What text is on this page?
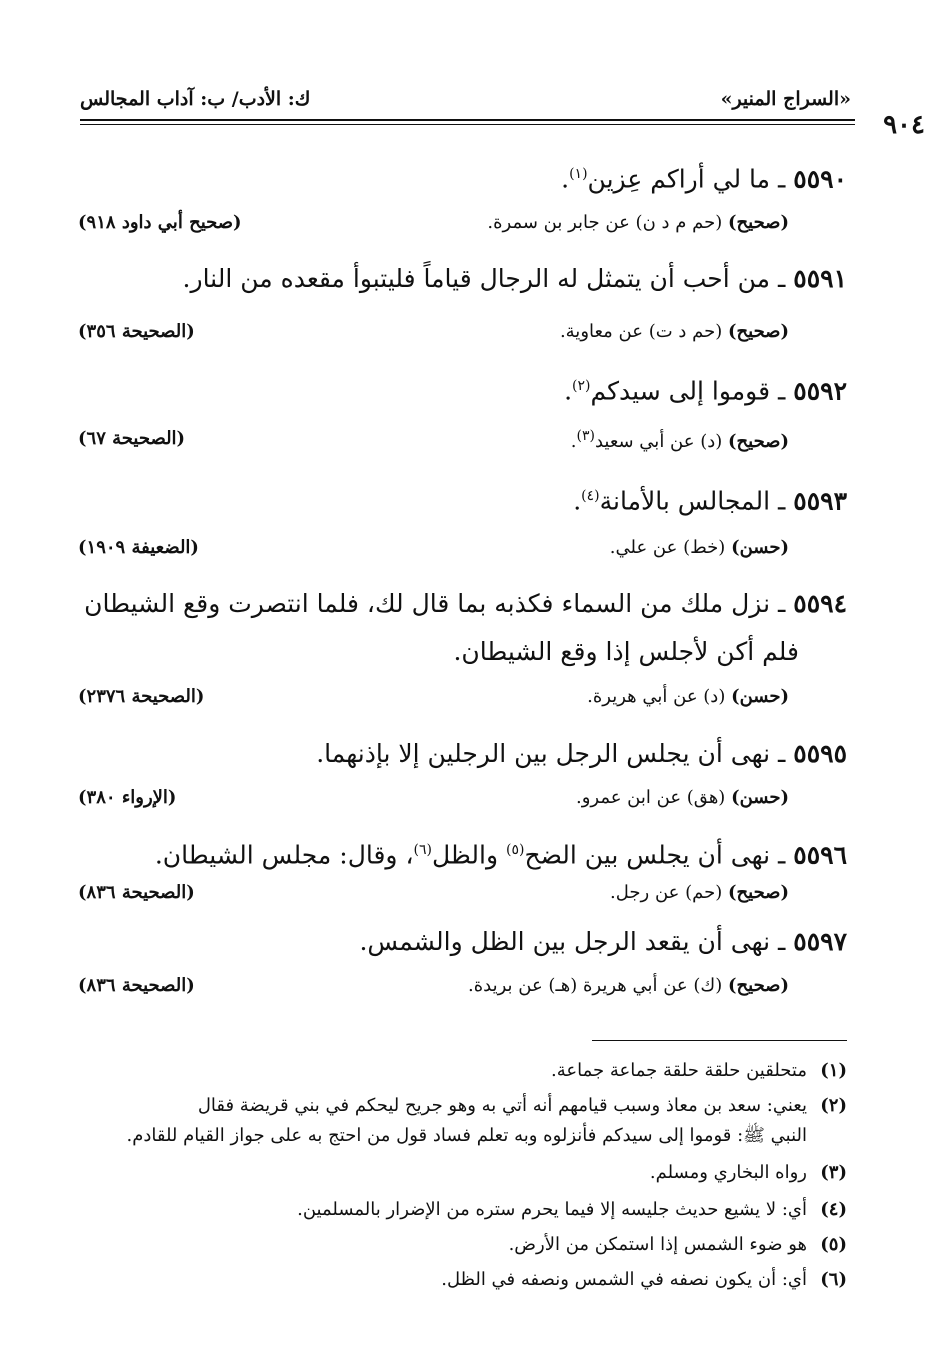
٩٠٤
«السراج المنير»
ك: الأدب/ ب: آداب المجالس
٥٥٩٠ ـ ما لي أراكم عِزين$^{(١)}$.
(صحيح) (حم م د ن) عن جابر بن سمرة.
(صحيح أبي داود ٩١٨)
٥٥٩١ ـ من أحب أن يتمثل له الرجال قياماً فليتبوأ مقعده من النار.
(صحيح) (حم د ت) عن معاوية.
(الصحيحة ٣٥٦)
٥٥٩٢ ـ قوموا إلى سيدكم$^{(٢)}$.
(صحيح) (د) عن أبي سعيد$^{(٣)}$.
(الصحيحة ٦٧)
٥٥٩٣ ـ المجالس بالأمانة$^{(٤)}$.
(حسن) (خط) عن علي.
(الضعيفة ١٩٠٩)
٥٥٩٤ ـ نزل ملك من السماء فكذبه بما قال لك، فلما انتصرت وقع الشيطان
فلم أكن لأجلس إذا وقع الشيطان.
(حسن) (د) عن أبي هريرة.
(الصحيحة ٢٣٧٦)
٥٥٩٥ ـ نهى أن يجلس الرجل بين الرجلين إلا بإذنهما.
(حسن) (هق) عن ابن عمرو.
(الإرواء ٣٨٠)
٥٥٩٦ ـ نهى أن يجلس بين الضح$^{(٥)}$ والظل$^{(٦)}$، وقال: مجلس الشيطان.
(صحيح) (حم) عن رجل.
(الصحيحة ٨٣٦)
٥٥٩٧ ـ نهى أن يقعد الرجل بين الظل والشمس.
(صحيح) (ك) عن أبي هريرة (هـ) عن بريدة.
(الصحيحة ٨٣٦)
(١)متحلقين حلقة حلقة جماعة جماعة.
(٢)يعني: سعد بن معاذ وسبب قيامهم أنه أتي به وهو جريح ليحكم في بني قريضة فقال
النبي ﷺ: قوموا إلى سيدكم فأنزلوه وبه تعلم فساد قول من احتج به على جواز القيام للقادم.
(٣)رواه البخاري ومسلم.
(٤)أي: لا يشيع حديث جليسه إلا فيما يحرم ستره من الإضرار بالمسلمين.
(٥)هو ضوء الشمس إذا استمكن من الأرض.
(٦)أي: أن يكون نصفه في الشمس ونصفه في الظل.
